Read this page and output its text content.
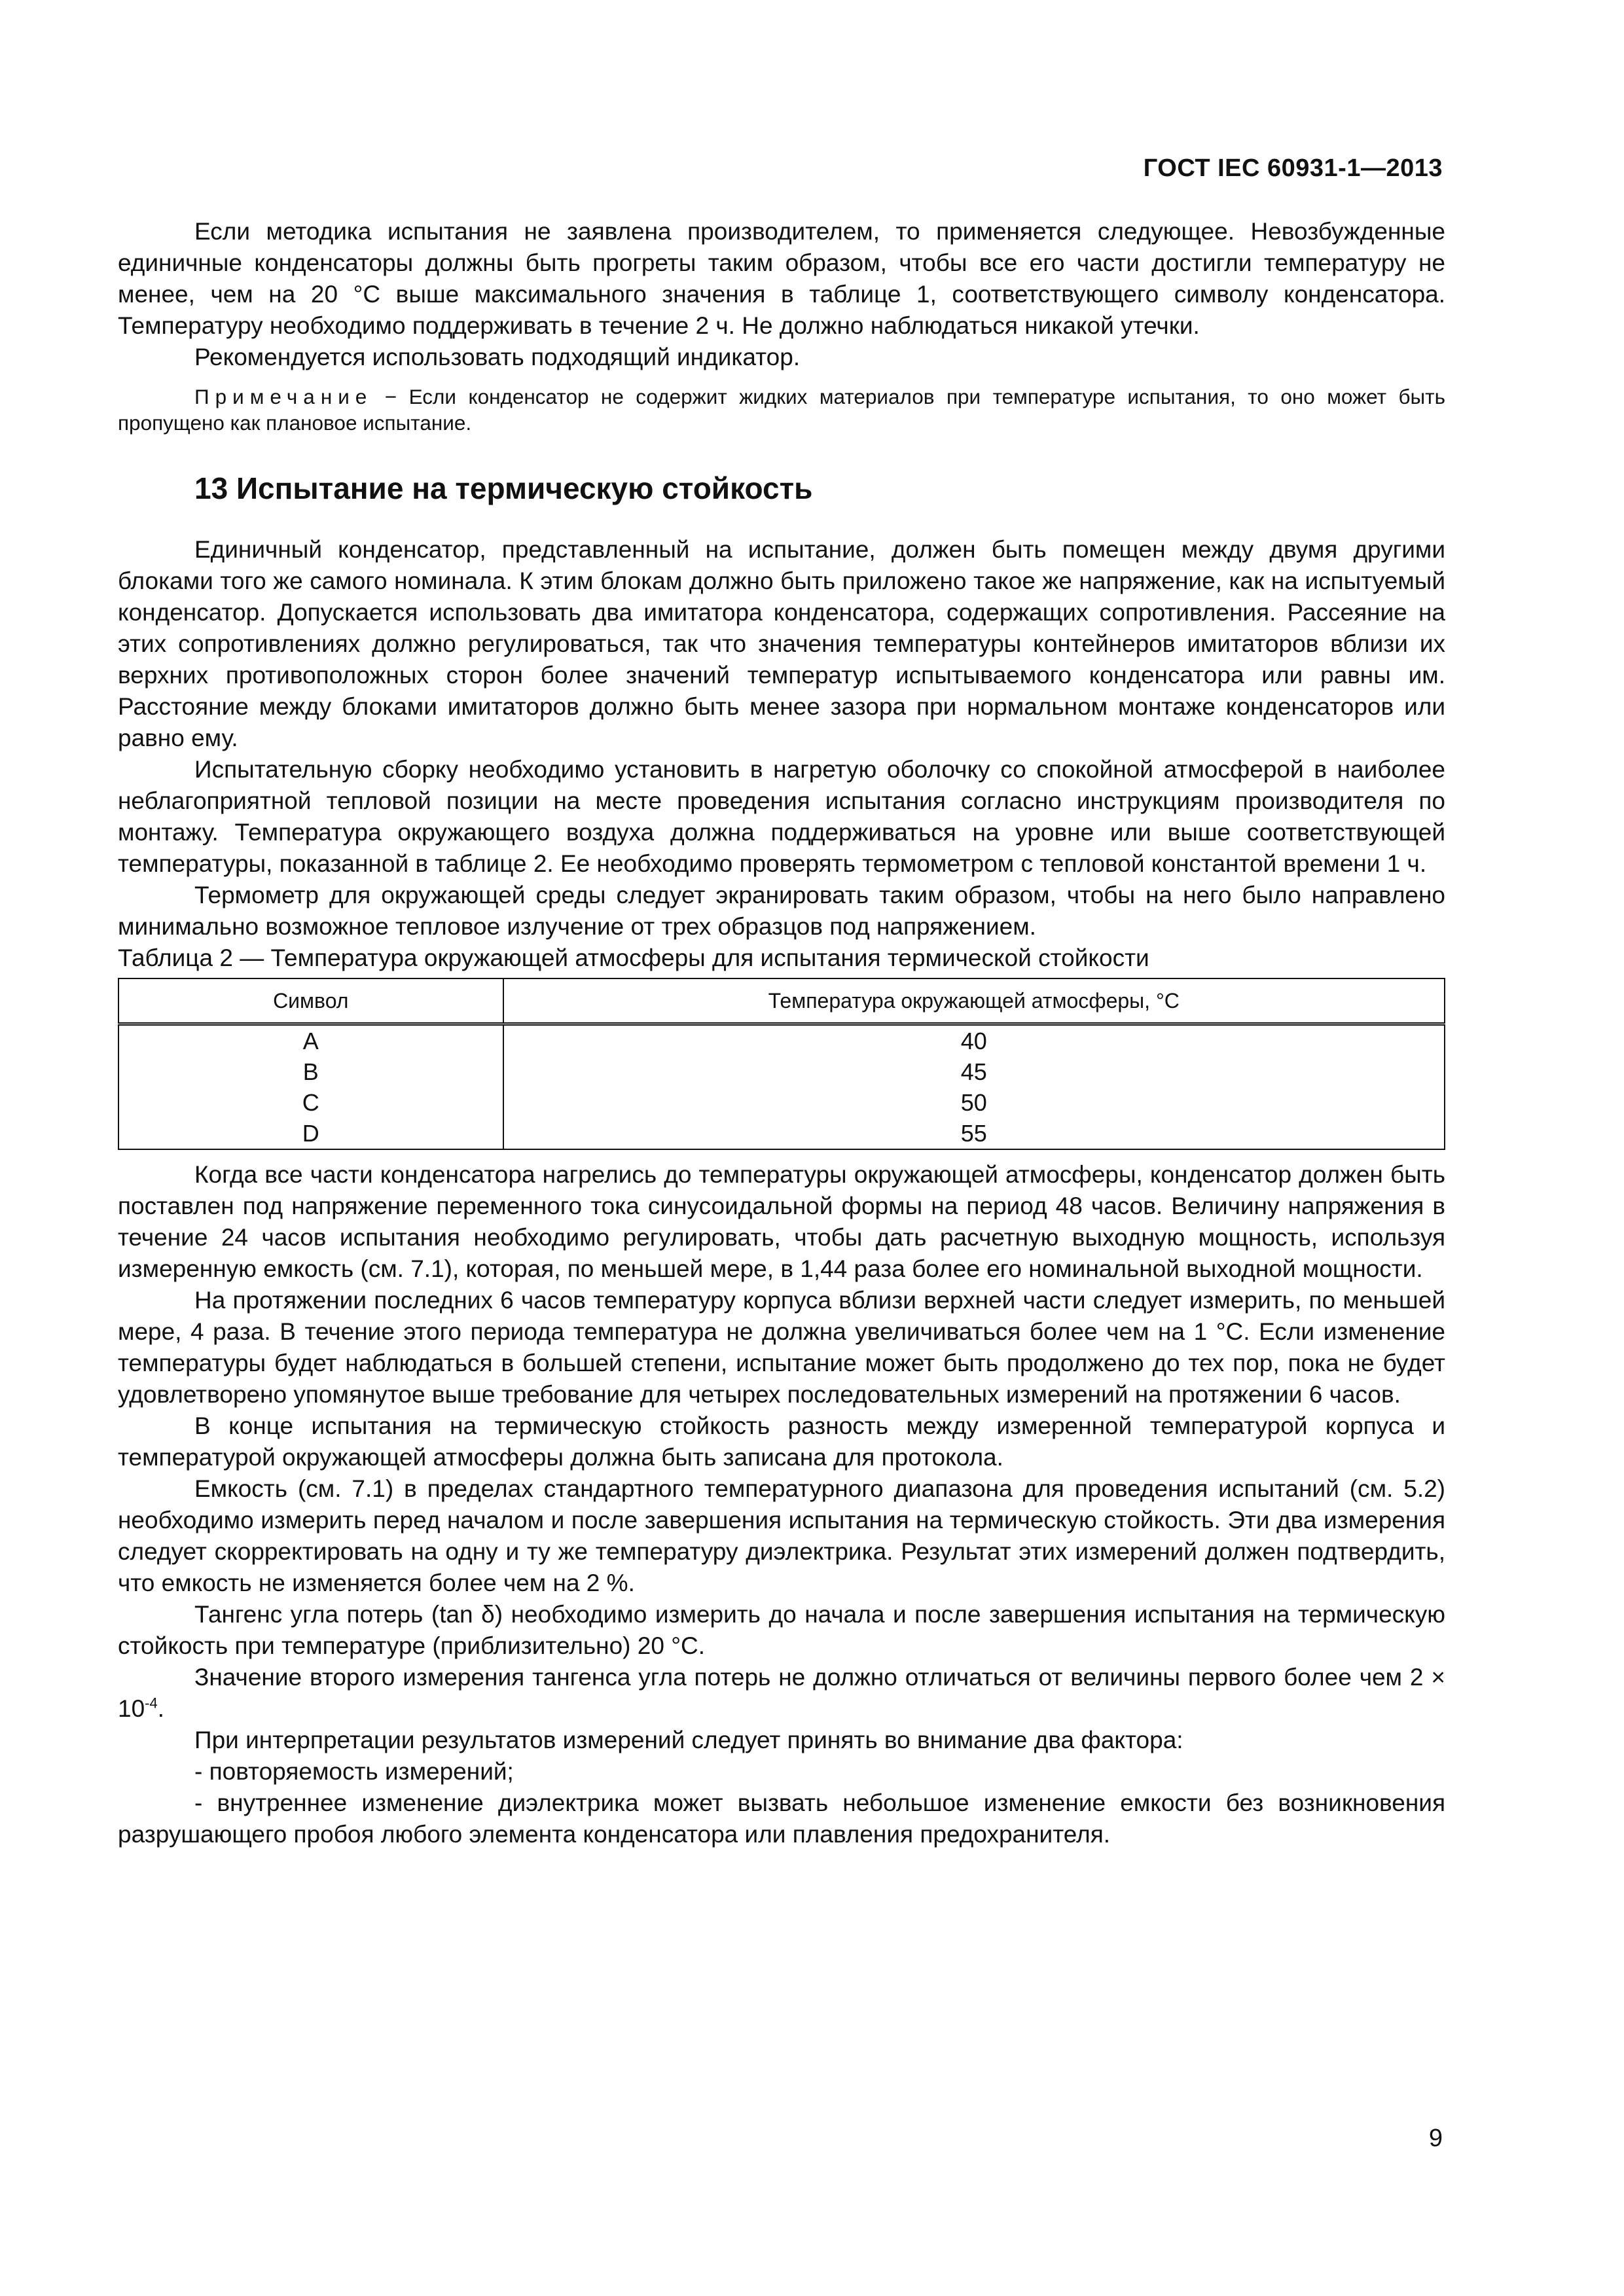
ГОСТ IEC 60931-1—2013

Если методика испытания не заявлена производителем, то применяется следующее. Невозбужденные единичные конденсаторы должны быть прогреты таким образом, чтобы все его части достигли температуру не менее, чем на 20 °С выше максимального значения в таблице 1, соответствующего символу конденсатора. Температуру необходимо поддерживать в течение 2 ч. Не должно наблюдаться никакой утечки.

Рекомендуется использовать подходящий индикатор.

Примечание − Если конденсатор не содержит жидких материалов при температуре испытания, то оно может быть пропущено как плановое испытание.

13 Испытание на термическую стойкость

Единичный конденсатор, представленный на испытание, должен быть помещен между двумя другими блоками того же самого номинала. К этим блокам должно быть приложено такое же напряжение, как на испытуемый конденсатор. Допускается использовать два имитатора конденсатора, содержащих сопротивления. Рассеяние на этих сопротивлениях должно регулироваться, так что значения температуры контейнеров имитаторов вблизи их верхних противоположных сторон более значений температур испытываемого конденсатора или равны им. Расстояние между блоками имитаторов должно быть менее зазора при нормальном монтаже конденсаторов или равно ему.

Испытательную сборку необходимо установить в нагретую оболочку со спокойной атмосферой в наиболее неблагоприятной тепловой позиции на месте проведения испытания согласно инструкциям производителя по монтажу. Температура окружающего воздуха должна поддерживаться на уровне или выше соответствующей температуры, показанной в таблице 2. Ее необходимо проверять термометром с тепловой константой времени 1 ч.

Термометр для окружающей среды следует экранировать таким образом, чтобы на него было направлено минимально возможное тепловое излучение от трех образцов под напряжением.

Таблица 2 — Температура окружающей атмосферы для испытания термической стойкости

Символ	Температура окружающей атмосферы, °С
A	40
B	45
C	50
D	55

Когда все части конденсатора нагрелись до температуры окружающей атмосферы, конденсатор должен быть поставлен под напряжение переменного тока синусоидальной формы на период 48 часов. Величину напряжения в течение 24 часов испытания необходимо регулировать, чтобы дать расчетную выходную мощность, используя измеренную емкость (см. 7.1), которая, по меньшей мере, в 1,44 раза более его номинальной выходной мощности.

На протяжении последних 6 часов температуру корпуса вблизи верхней части следует измерить, по меньшей мере, 4 раза. В течение этого периода температура не должна увеличиваться более чем на 1 °С. Если изменение температуры будет наблюдаться в большей степени, испытание может быть продолжено до тех пор, пока не будет удовлетворено упомянутое выше требование для четырех последовательных измерений на протяжении 6 часов.

В конце испытания на термическую стойкость разность между измеренной температурой корпуса и температурой окружающей атмосферы должна быть записана для протокола.

Емкость (см. 7.1) в пределах стандартного температурного диапазона для проведения испытаний (см. 5.2) необходимо измерить перед началом и после завершения испытания на термическую стойкость. Эти два измерения следует скорректировать на одну и ту же температуру диэлектрика. Результат этих измерений должен подтвердить, что емкость не изменяется более чем на 2 %.

Тангенс угла потерь (tan δ) необходимо измерить до начала и после завершения испытания на термическую стойкость при температуре (приблизительно) 20 °С.

Значение второго измерения тангенса угла потерь не должно отличаться от величины первого более чем $2 \times 10^{-4}$.

При интерпретации результатов измерений следует принять во внимание два фактора:

- повторяемость измерений;

- внутреннее изменение диэлектрика может вызвать небольшое изменение емкости без возникновения разрушающего пробоя любого элемента конденсатора или плавления предохранителя.

9
